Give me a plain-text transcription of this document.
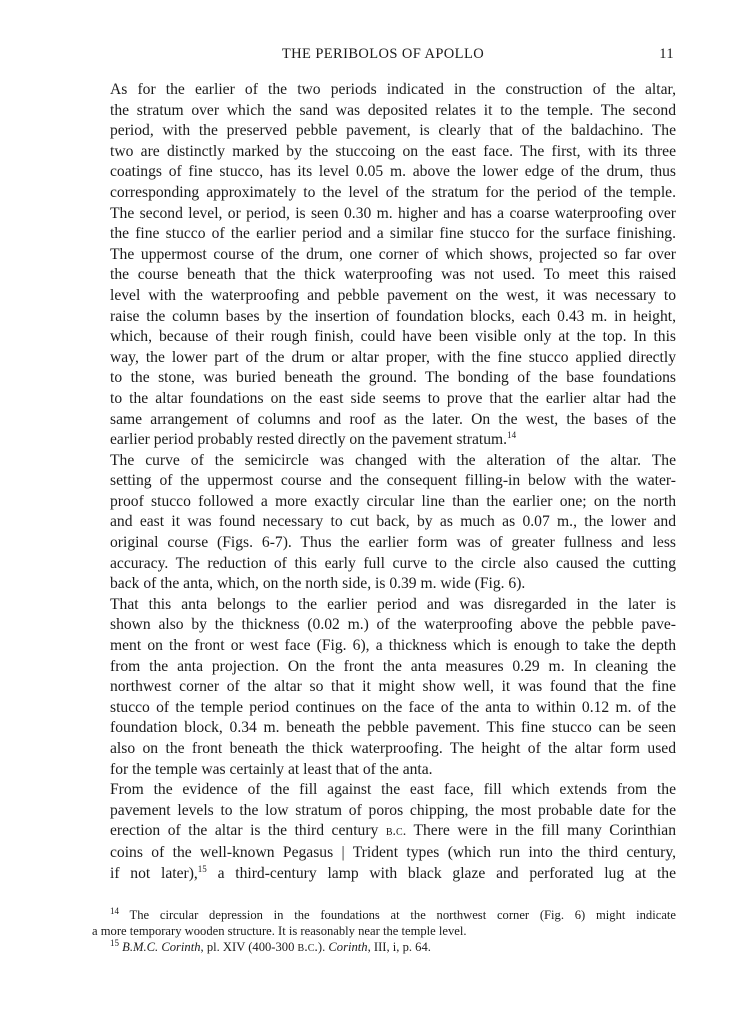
THE PERIBOLOS OF APOLLO	11

As for the earlier of the two periods indicated in the construction of the altar,
the stratum over which the sand was deposited relates it to the temple. The second
period, with the preserved pebble pavement, is clearly that of the baldachino. The
two are distinctly marked by the stuccoing on the east face. The first, with its three
coatings of fine stucco, has its level 0.05 m. above the lower edge of the drum, thus
corresponding approximately to the level of the stratum for the period of the temple.
The second level, or period, is seen 0.30 m. higher and has a coarse waterproofing over
the fine stucco of the earlier period and a similar fine stucco for the surface finishing.
The uppermost course of the drum, one corner of which shows, projected so far over
the course beneath that the thick waterproofing was not used. To meet this raised
level with the waterproofing and pebble pavement on the west, it was necessary to
raise the column bases by the insertion of foundation blocks, each 0.43 m. in height,
which, because of their rough finish, could have been visible only at the top. In this
way, the lower part of the drum or altar proper, with the fine stucco applied directly
to the stone, was buried beneath the ground. The bonding of the base foundations
to the altar foundations on the east side seems to prove that the earlier altar had the
same arrangement of columns and roof as the later. On the west, the bases of the
earlier period probably rested directly on the pavement stratum.$^{14}$

The curve of the semicircle was changed with the alteration of the altar. The
setting of the uppermost course and the consequent filling-in below with the water-
proof stucco followed a more exactly circular line than the earlier one; on the north
and east it was found necessary to cut back, by as much as 0.07 m., the lower and
original course (Figs. 6-7). Thus the earlier form was of greater fullness and less
accuracy. The reduction of this early full curve to the circle also caused the cutting
back of the anta, which, on the north side, is 0.39 m. wide (Fig. 6).

That this anta belongs to the earlier period and was disregarded in the later is
shown also by the thickness (0.02 m.) of the waterproofing above the pebble pave-
ment on the front or west face (Fig. 6), a thickness which is enough to take the depth
from the anta projection. On the front the anta measures 0.29 m. In cleaning the
northwest corner of the altar so that it might show well, it was found that the fine
stucco of the temple period continues on the face of the anta to within 0.12 m. of the
foundation block, 0.34 m. beneath the pebble pavement. This fine stucco can be seen
also on the front beneath the thick waterproofing. The height of the altar form used
for the temple was certainly at least that of the anta.

From the evidence of the fill against the east face, fill which extends from the
pavement levels to the low stratum of poros chipping, the most probable date for the
erection of the altar is the third century b.c. There were in the fill many Corinthian
coins of the well-known Pegasus | Trident types (which run into the third century,
if not later),$^{15}$ a third-century lamp with black glaze and perforated lug at the

$^{14}$ The circular depression in the foundations at the northwest corner (Fig. 6) might indicate
a more temporary wooden structure. It is reasonably near the temple level.
$^{15}$ B.M.C. Corinth, pl. XIV (400-300 b.c.). Corinth, III, i, p. 64.
